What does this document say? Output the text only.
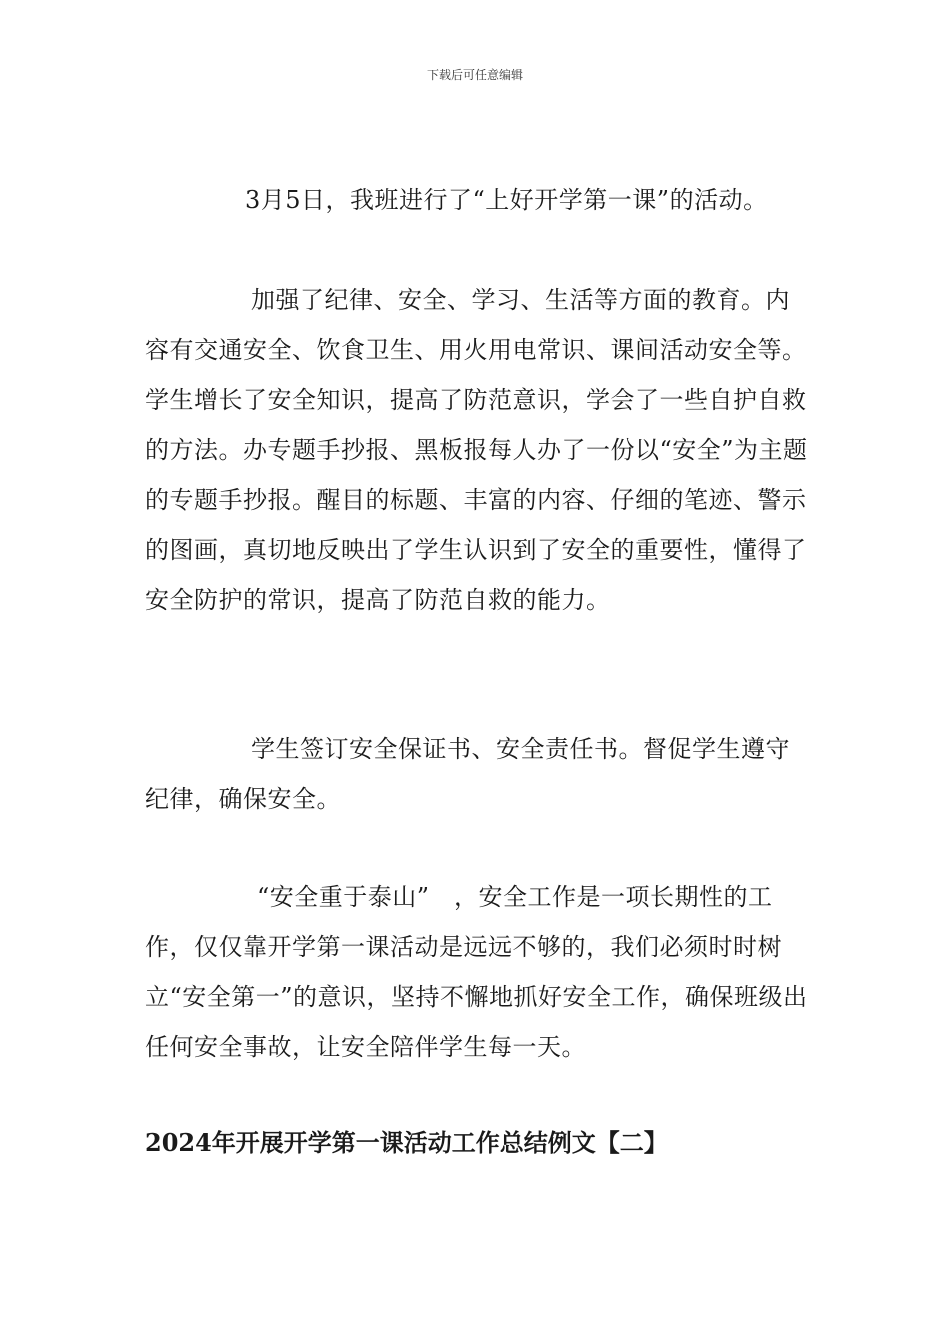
下载后可任意编辑

3月5日，我班进行了“上好开学第一课”的活动。

加强了纪律、安全、学习、生活等方面的教育。内容有交通安全、饮食卫生、用火用电常识、课间活动安全等。学生增长了安全知识，提高了防范意识，学会了一些自护自救的方法。办专题手抄报、黑板报每人办了一份以“安全”为主题的专题手抄报。醒目的标题、丰富的内容、仔细的笔迹、警示的图画，真切地反映出了学生认识到了安全的重要性，懂得了安全防护的常识，提高了防范自救的能力。

学生签订安全保证书、安全责任书。督促学生遵守纪律，确保安全。

“安全重于泰山”　，安全工作是一项长期性的工作，仅仅靠开学第一课活动是远远不够的，我们必须时时树立“安全第一”的意识，坚持不懈地抓好安全工作，确保班级出任何安全事故，让安全陪伴学生每一天。

2024年开展开学第一课活动工作总结例文【二】
